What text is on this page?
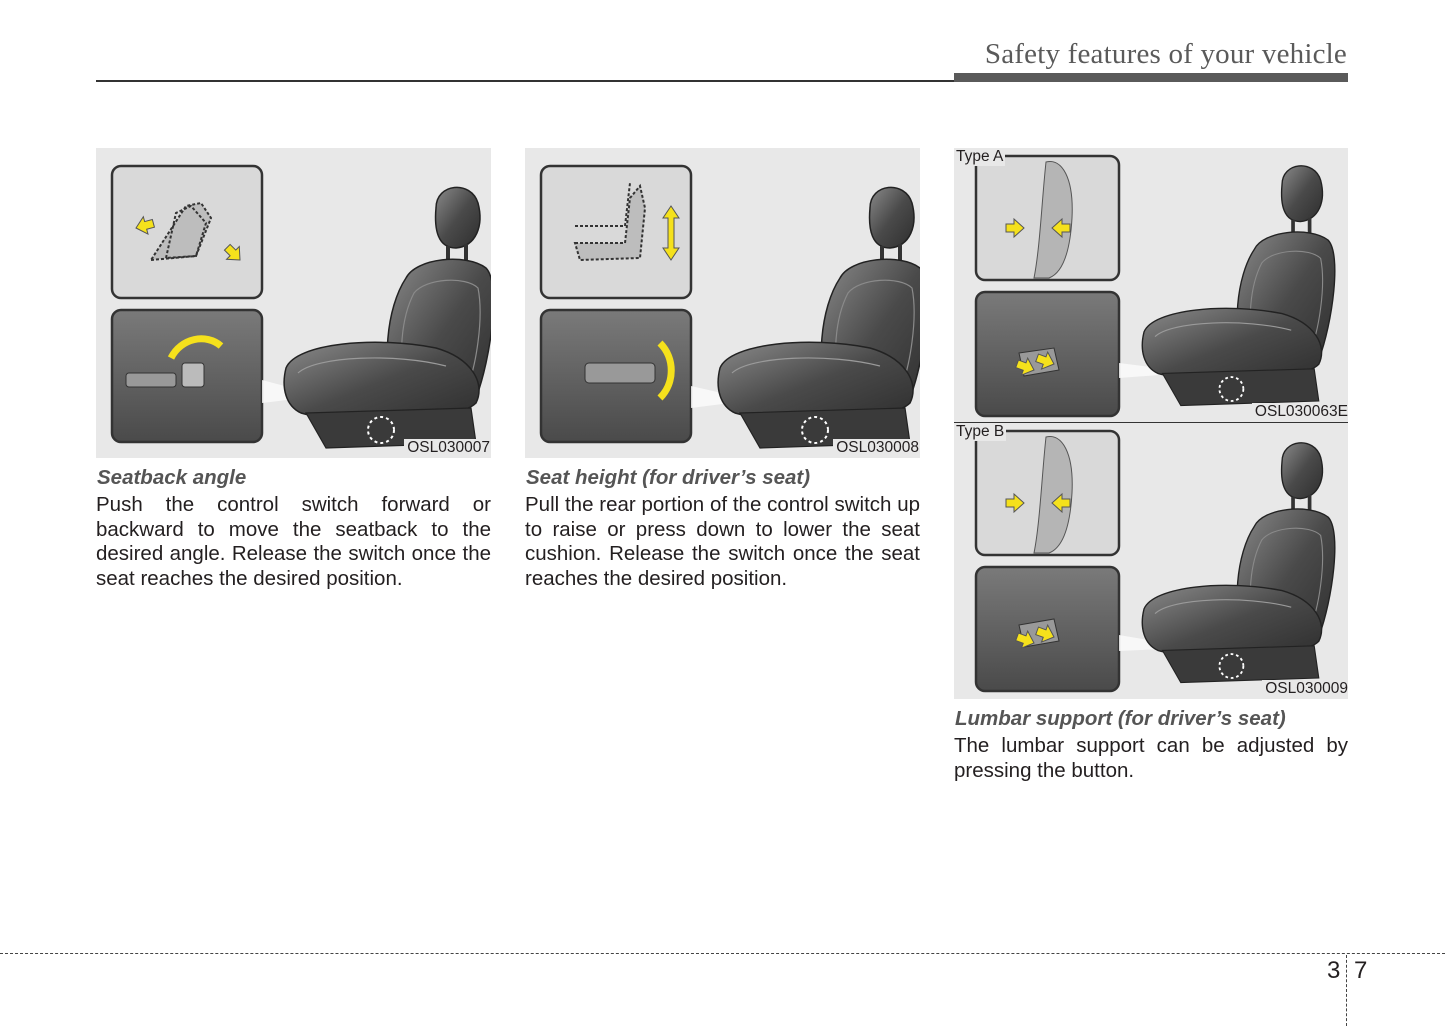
Safety features of your vehicle
OSL030007	OSL030008
Type A
OSL030063E
Type B
OSL030009
Seatback angle

Push the control switch forward or backward to move the seatback to the desired angle. Release the switch once the seat reaches the desired position.

Seat height (for driver’s seat)

Pull the rear portion of the control switch up to raise or press down to lower the seat cushion. Release the switch once the seat reaches the desired position.

Lumbar support (for driver’s seat)

The lumbar support can be adjusted by pressing the button.

3 7
